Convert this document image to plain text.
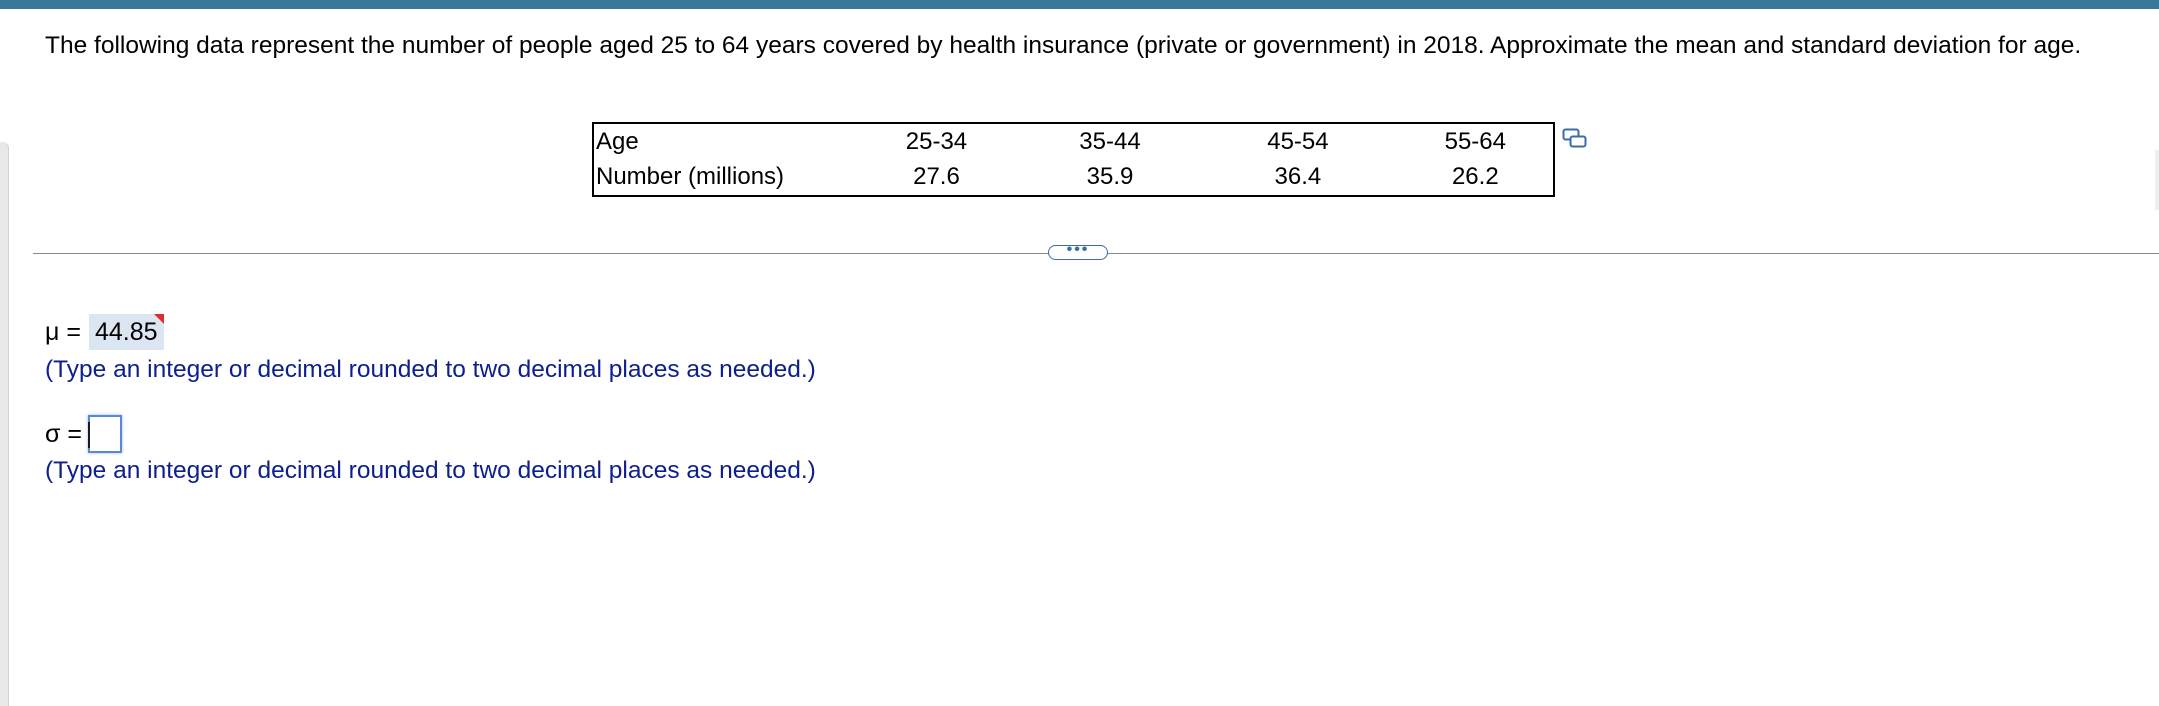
The following data represent the number of people aged 25 to 64 years covered by health insurance (private or government) in 2018. Approximate the mean and standard deviation for age.
Age	25-34	35-44	45-54	55-64
Number (millions)	27.6	35.9	36.4	26.2
•••
μ = 44.85
(Type an integer or decimal rounded to two decimal places as needed.)
σ =
(Type an integer or decimal rounded to two decimal places as needed.)
